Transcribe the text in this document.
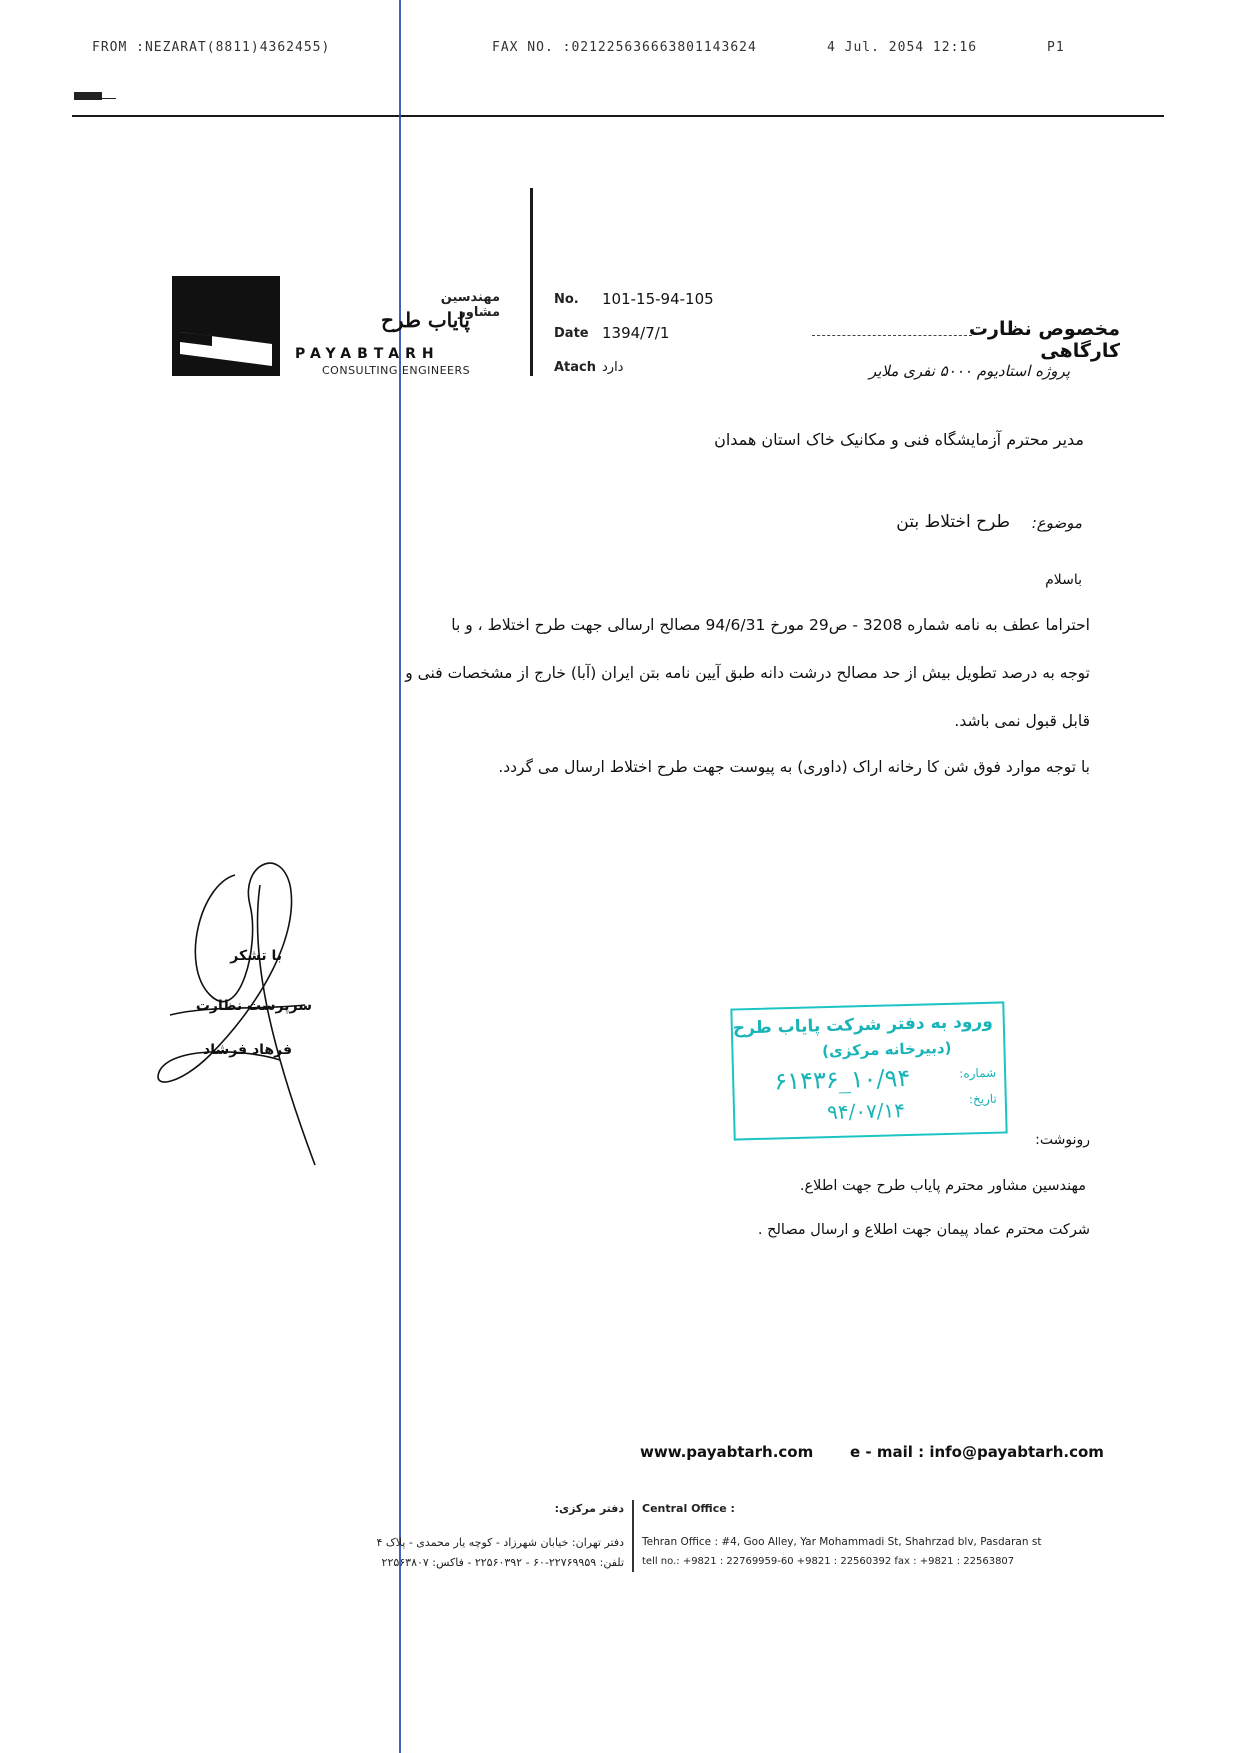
FROM :NEZARAT(8811)4362455)	FAX NO. :021225636663801143624	4 Jul. 2054 12:16	P1
مهندسین مشاور
پایاب طرح
PAYABTARH
CONSULTING ENGINEERS
No. 101-15-94-105
Date 1394/7/1
Atach دارد
مخصوص نظارت کارگاهی
پروژه استادیوم ۵۰۰۰ نفری ملایر
مدیر محترم آزمایشگاه فنی و مکانیک خاک استان همدان
موضوع:
طرح اختلاط بتن
باسلام
احتراما عطف به نامه شماره 3208 - ص29 مورخ 94/6/31 مصالح ارسالی جهت طرح اختلاط ، و با
توجه به درصد تطویل بیش از حد مصالح درشت دانه طبق آیین نامه بتن ایران (آبا) خارج از مشخصات فنی و
قابل قبول نمی باشد.
با توجه موارد فوق شن کا رخانه اراک (داوری) به پیوست جهت طرح اختلاط ارسال می گردد.
با تشکر
سرپرست نظارت
فرهاد فرشاد
ورود به دفتر شرکت پایاب طرح
(دبیرخانه مرکزی)
شماره:
۱۰/۹۴_۶۱۴۳۶
تاریخ:
۹۴/۰۷/۱۴
رونوشت:
مهندسین مشاور محترم پایاب طرح جهت اطلاع.
شرکت محترم عماد پیمان جهت اطلاع و ارسال مصالح .
www.payabtarh.com e - mail : info@payabtarh.com
دفتر مرکزی: Central Office :
دفتر تهران: خیابان شهرزاد - کوچه یار محمدی - پلاک ۴
تلفن: ۲۲۷۶۹۹۵۹-۶۰ - ۲۲۵۶۰۳۹۲ - فاکس: ۲۲۵۶۳۸۰۷
Tehran Office : #4, Goo Alley, Yar Mohammadi St, Shahrzad blv, Pasdaran st
tell no.: +9821 : 22769959-60 +9821 : 22560392 fax : +9821 : 22563807
